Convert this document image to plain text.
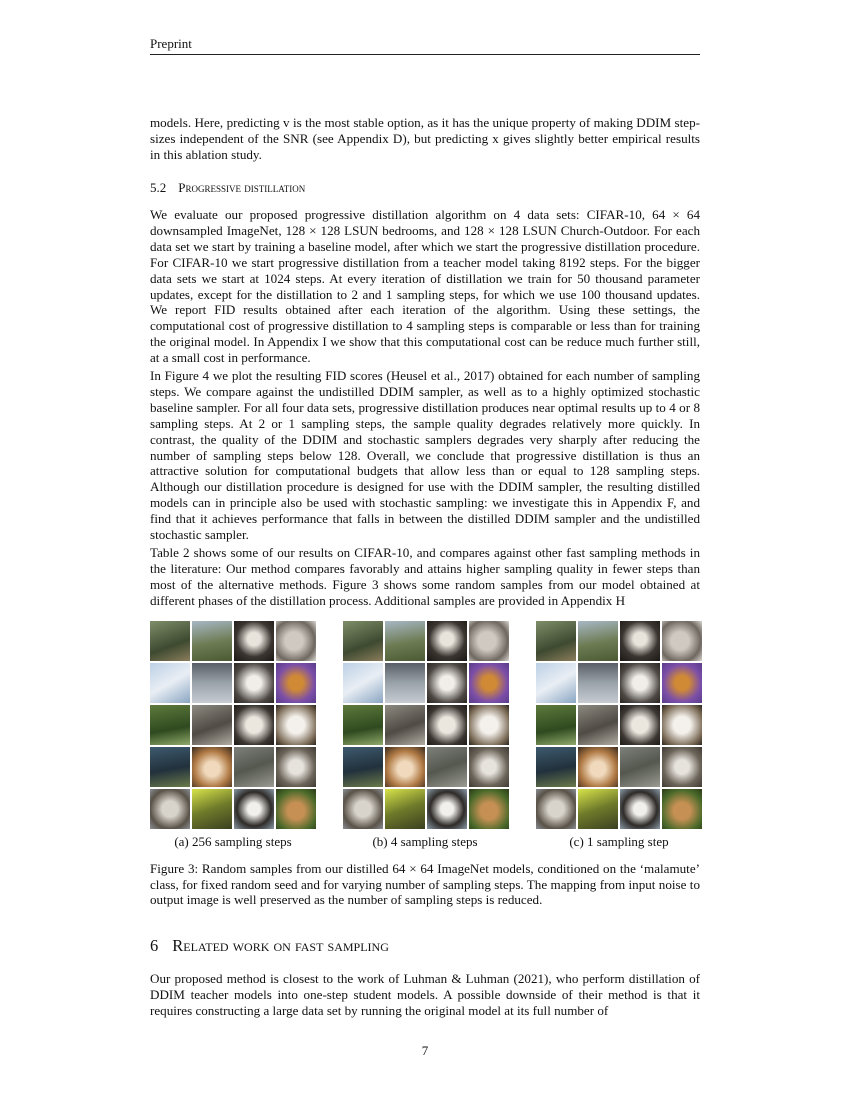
Preprint

models. Here, predicting v is the most stable option, as it has the unique property of making DDIM step-sizes independent of the SNR (see Appendix D), but predicting x gives slightly better empirical results in this ablation study.

5.2 Progressive distillation

We evaluate our proposed progressive distillation algorithm on 4 data sets: CIFAR-10, 64 × 64 downsampled ImageNet, 128 × 128 LSUN bedrooms, and 128 × 128 LSUN Church-Outdoor. For each data set we start by training a baseline model, after which we start the progressive distillation procedure. For CIFAR-10 we start progressive distillation from a teacher model taking 8192 steps. For the bigger data sets we start at 1024 steps. At every iteration of distillation we train for 50 thousand parameter updates, except for the distillation to 2 and 1 sampling steps, for which we use 100 thousand updates. We report FID results obtained after each iteration of the algorithm. Using these settings, the computational cost of progressive distillation to 4 sampling steps is comparable or less than for training the original model. In Appendix I we show that this computational cost can be reduce much further still, at a small cost in performance.

In Figure 4 we plot the resulting FID scores (Heusel et al., 2017) obtained for each number of sampling steps. We compare against the undistilled DDIM sampler, as well as to a highly optimized stochastic baseline sampler. For all four data sets, progressive distillation produces near optimal results up to 4 or 8 sampling steps. At 2 or 1 sampling steps, the sample quality degrades relatively more quickly. In contrast, the quality of the DDIM and stochastic samplers degrades very sharply after reducing the number of sampling steps below 128. Overall, we conclude that progressive distillation is thus an attractive solution for computational budgets that allow less than or equal to 128 sampling steps. Although our distillation procedure is designed for use with the DDIM sampler, the resulting distilled models can in principle also be used with stochastic sampling: we investigate this in Appendix F, and find that it achieves performance that falls in between the distilled DDIM sampler and the undistilled stochastic sampler.

Table 2 shows some of our results on CIFAR-10, and compares against other fast sampling methods in the literature: Our method compares favorably and attains higher sampling quality in fewer steps than most of the alternative methods. Figure 3 shows some random samples from our model obtained at different phases of the distillation process. Additional samples are provided in Appendix H

(a) 256 sampling steps	(b) 4 sampling steps	(c) 1 sampling step

Figure 3: Random samples from our distilled 64 × 64 ImageNet models, conditioned on the ‘malamute’ class, for fixed random seed and for varying number of sampling steps. The mapping from input noise to output image is well preserved as the number of sampling steps is reduced.

6 Related work on fast sampling

Our proposed method is closest to the work of Luhman & Luhman (2021), who perform distillation of DDIM teacher models into one-step student models. A possible downside of their method is that it requires constructing a large data set by running the original model at its full number of

7
